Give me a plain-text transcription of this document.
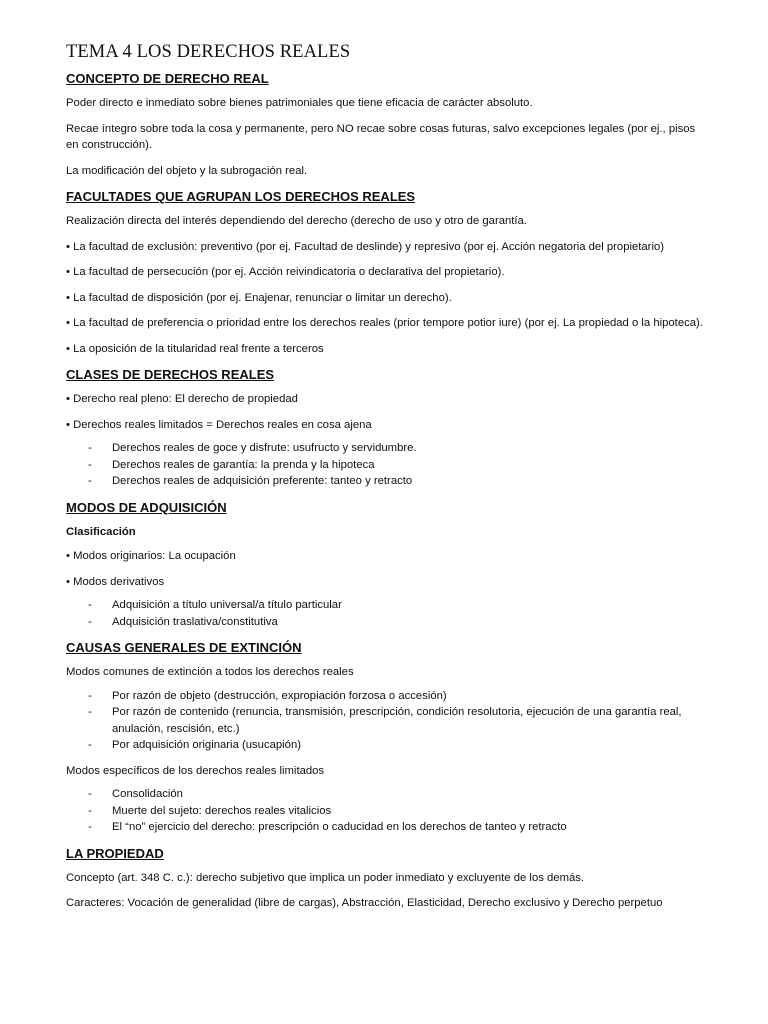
TEMA 4 LOS DERECHOS REALES
CONCEPTO DE DERECHO REAL
Poder directo e inmediato sobre bienes patrimoniales que tiene eficacia de carácter absoluto.
Recae íntegro sobre toda la cosa y permanente, pero NO recae sobre cosas futuras, salvo excepciones legales (por ej., pisos en construcción).
La modificación del objeto y la subrogación real.
FACULTADES QUE AGRUPAN LOS DERECHOS REALES
Realización directa del interés dependiendo del derecho (derecho de uso y otro de garantía.
• La facultad de exclusión: preventivo (por ej. Facultad de deslinde) y represivo (por ej. Acción negatoria del propietario)
• La facultad de persecución (por ej. Acción reivindicatoria o declarativa del propietario).
• La facultad de disposición (por ej. Enajenar, renunciar o limitar un derecho).
• La facultad de preferencia o prioridad entre los derechos reales (prior tempore potior iure) (por ej. La propiedad o la hipoteca).
• La oposición de la titularidad real frente a terceros
CLASES DE DERECHOS REALES
• Derecho real pleno: El derecho de propiedad
• Derechos reales limitados = Derechos reales en cosa ajena
- Derechos reales de goce y disfrute: usufructo y servidumbre.
- Derechos reales de garantía: la prenda y la hipoteca
- Derechos reales de adquisición preferente: tanteo y retracto
MODOS DE ADQUISICIÓN
Clasificación
• Modos originarios: La ocupación
• Modos derivativos
- Adquisición a título universal/a título particular
- Adquisición traslativa/constitutiva
CAUSAS GENERALES DE EXTINCIÓN
Modos comunes de extinción a todos los derechos reales
- Por razón de objeto (destrucción, expropiación forzosa o accesión)
- Por razón de contenido (renuncia, transmisión, prescripción, condición resolutoria, ejecución de una garantía real, anulación, rescisión, etc.)
- Por adquisición originaria (usucapión)
Modos específicos de los derechos reales limitados
- Consolidación
- Muerte del sujeto: derechos reales vitalicios
- El “no” ejercicio del derecho: prescripción o caducidad en los derechos de tanteo y retracto
LA PROPIEDAD
Concepto (art. 348 C. c.): derecho subjetivo que implica un poder inmediato y excluyente de los demás.
Caracteres: Vocación de generalidad (libre de cargas), Abstracción, Elasticidad, Derecho exclusivo y Derecho perpetuo
